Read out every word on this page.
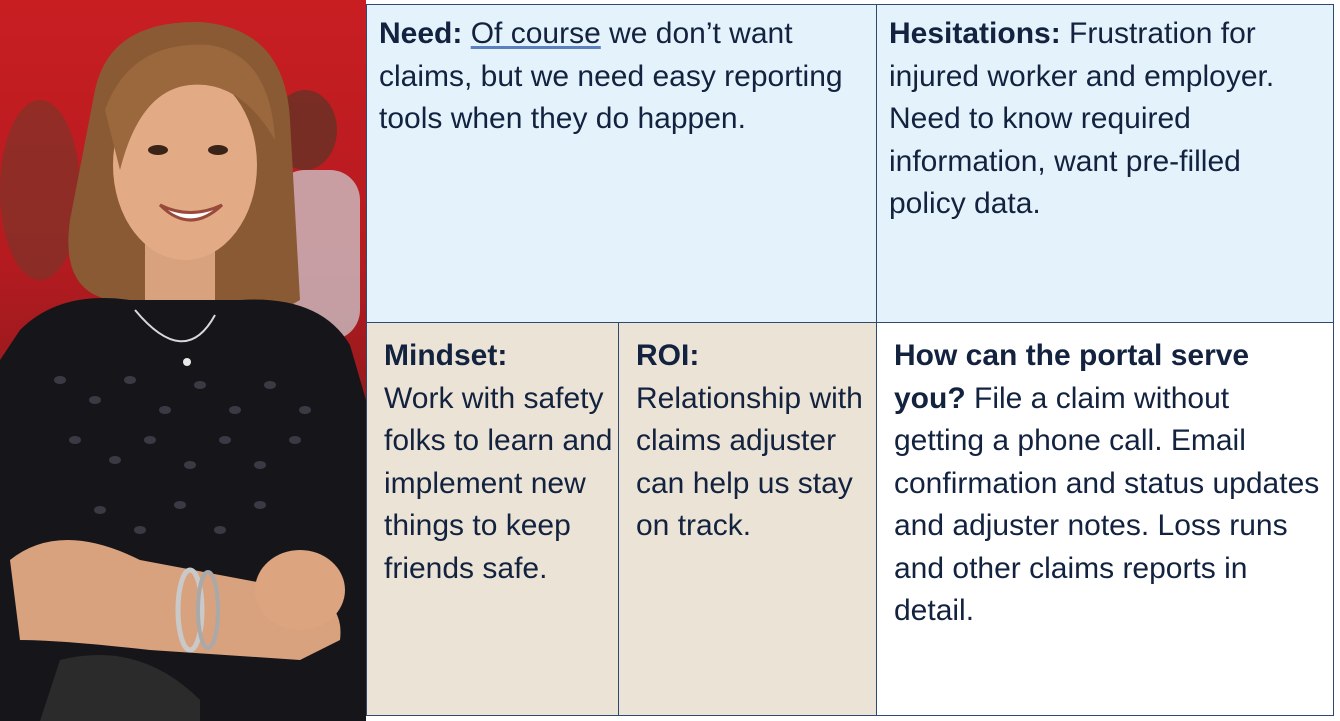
Need: Of course we don’t want claims, but we need easy reporting tools when they do happen.
Hesitations: Frustration for injured worker and employer. Need to know required information, want pre-filled policy data.
Mindset:
Work with safety folks to learn and implement new things to keep friends safe.
ROI:
Relationship with claims adjuster can help us stay on track.
How can the portal serve you? File a claim without getting a phone call. Email confirmation and status updates and adjuster notes. Loss runs and other claims reports in detail.
